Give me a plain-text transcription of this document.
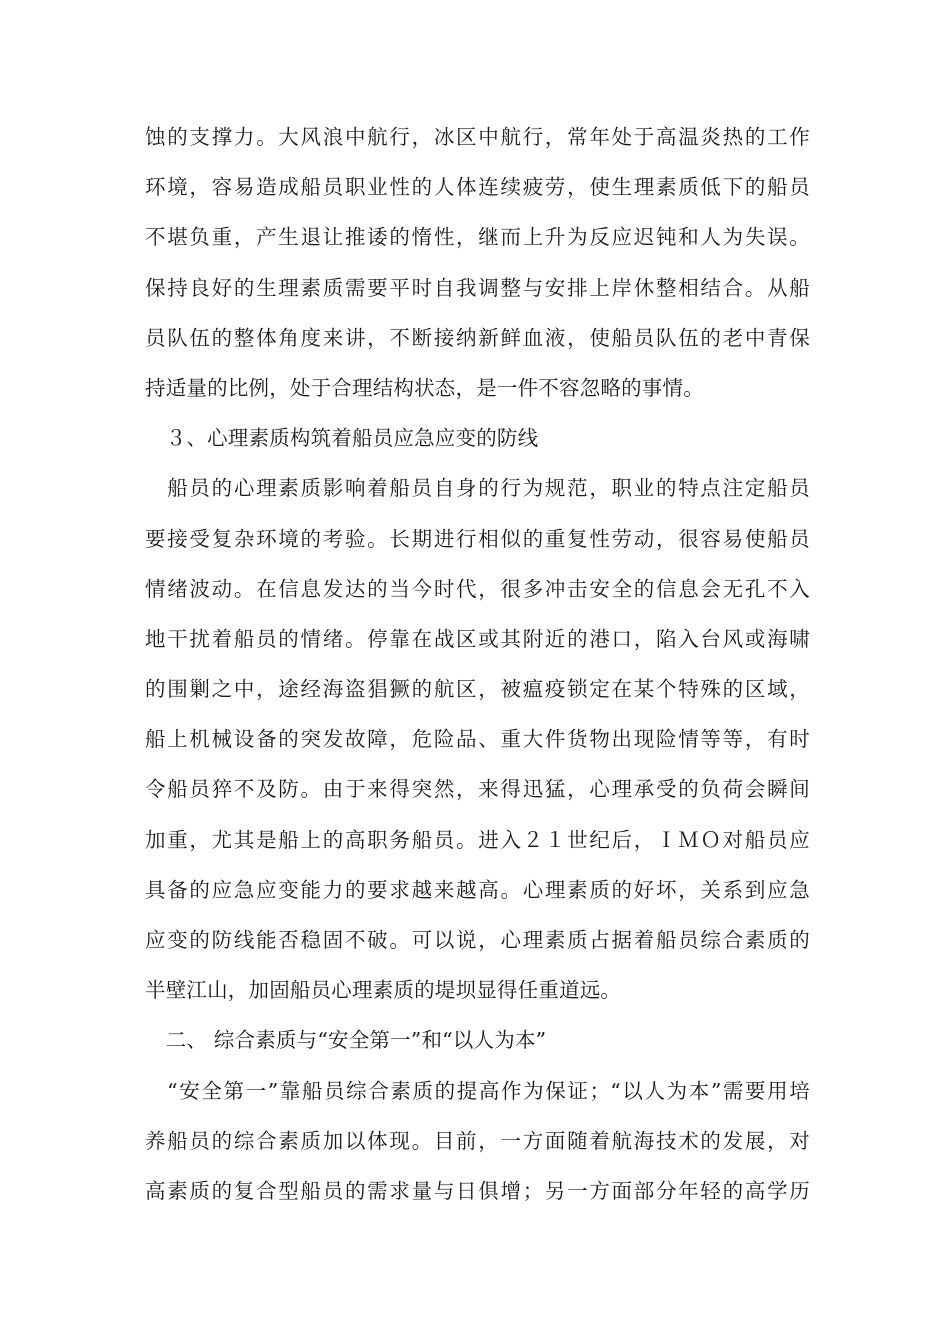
蚀的支撑力。大风浪中航行，冰区中航行，常年处于高温炎热的工作
环境，容易造成船员职业性的人体连续疲劳，使生理素质低下的船员
不堪负重，产生退让推诿的惰性，继而上升为反应迟钝和人为失误。
保持良好的生理素质需要平时自我调整与安排上岸休整相结合。从船
员队伍的整体角度来讲，不断接纳新鲜血液，使船员队伍的老中青保
持适量的比例，处于合理结构状态，是一件不容忽略的事情。
　３、心理素质构筑着船员应急应变的防线
　船员的心理素质影响着船员自身的行为规范，职业的特点注定船员
要接受复杂环境的考验。长期进行相似的重复性劳动，很容易使船员
情绪波动。在信息发达的当今时代，很多冲击安全的信息会无孔不入
地干扰着船员的情绪。停靠在战区或其附近的港口，陷入台风或海啸
的围剿之中，途经海盗猖獗的航区，被瘟疫锁定在某个特殊的区域，
船上机械设备的突发故障，危险品、重大件货物出现险情等等，有时
令船员猝不及防。由于来得突然，来得迅猛，心理承受的负荷会瞬间
加重，尤其是船上的高职务船员。进入２１世纪后，ＩＭＯ对船员应
具备的应急应变能力的要求越来越高。心理素质的好坏，关系到应急
应变的防线能否稳固不破。可以说，心理素质占据着船员综合素质的
半壁江山，加固船员心理素质的堤坝显得任重道远。
　二、 综合素质与“安全第一”和“以人为本”
　“安全第一”靠船员综合素质的提高作为保证；“以人为本”需要用培
养船员的综合素质加以体现。目前，一方面随着航海技术的发展，对
高素质的复合型船员的需求量与日俱增；另一方面部分年轻的高学历
